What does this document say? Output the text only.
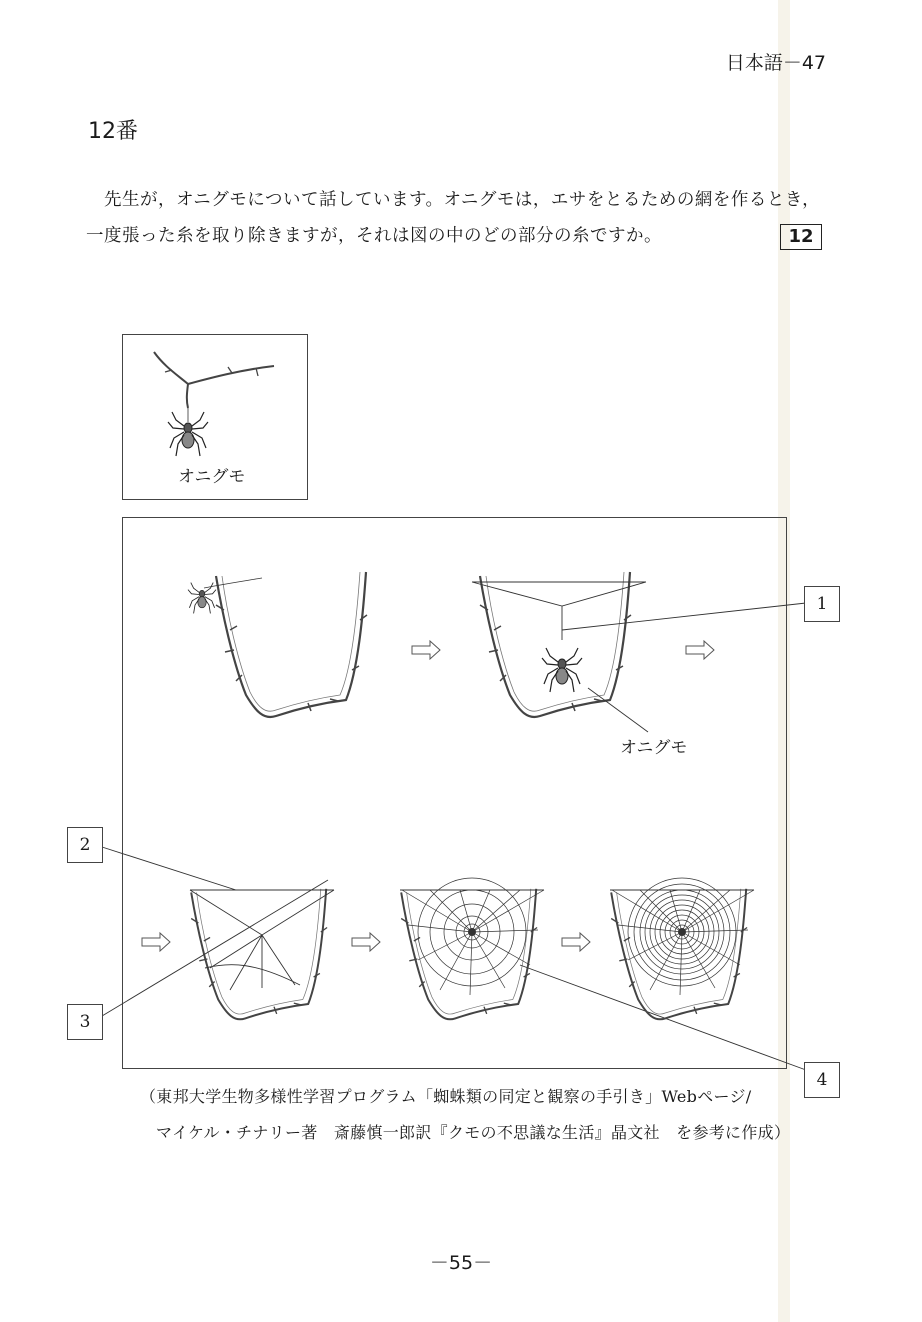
日本語－47
12番

先生が，オニグモについて話しています。オニグモは，エサをとるための網を作るとき，

一度張った糸を取り除きますが，それは図の中のどの部分の糸ですか。	12
オニグモ
オニグモ
1
2
3
4
（東邦大学生物多様性学習プログラム「蜘蛛類の同定と観察の手引き」Webページ/
マイケル・チナリー著　斎藤慎一郎訳『クモの不思議な生活』晶文社　を参考に作成）
－55－
